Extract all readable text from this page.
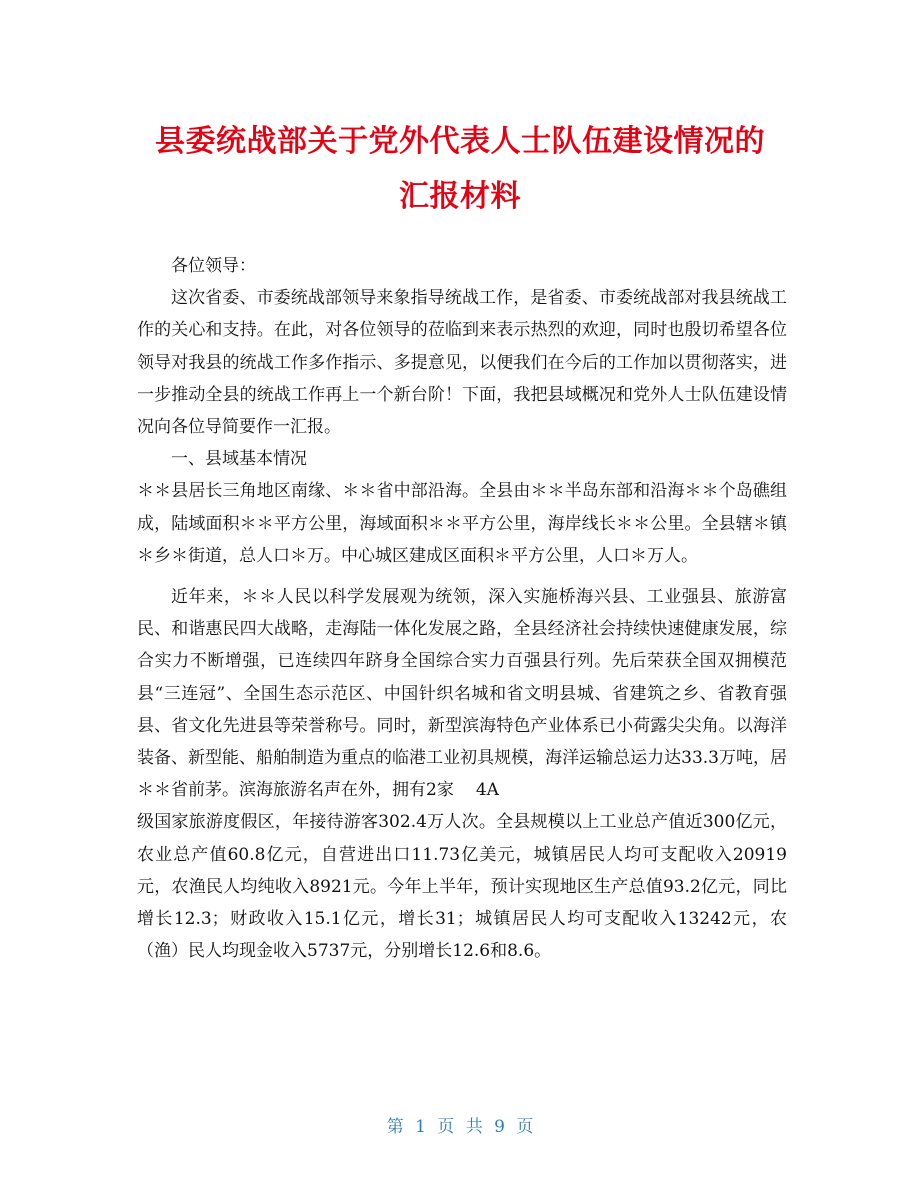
县委统战部关于党外代表人士队伍建设情况的
汇报材料

各位领导：

这次省委、市委统战部领导来象指导统战工作，是省委、市委统战部对我县统战工作的关心和支持。在此，对各位领导的莅临到来表示热烈的欢迎，同时也殷切希望各位领导对我县的统战工作多作指示、多提意见，以便我们在今后的工作加以贯彻落实，进一步推动全县的统战工作再上一个新台阶！下面，我把县域概况和党外人士队伍建设情况向各位导简要作一汇报。

一、县域基本情况

＊＊县居长三角地区南缘、＊＊省中部沿海。全县由＊＊半岛东部和沿海＊＊个岛礁组成，陆域面积＊＊平方公里，海域面积＊＊平方公里，海岸线长＊＊公里。全县辖＊镇＊乡＊街道，总人口＊万。中心城区建成区面积＊平方公里，人口＊万人。

近年来，＊＊人民以科学发展观为统领，深入实施桥海兴县、工业强县、旅游富民、和谐惠民四大战略，走海陆一体化发展之路，全县经济社会持续快速健康发展，综合实力不断增强，已连续四年跻身全国综合实力百强县行列。先后荣获全国双拥模范县“三连冠”、全国生态示范区、中国针织名城和省文明县城、省建筑之乡、省教育强县、省文化先进县等荣誉称号。同时，新型滨海特色产业体系已小荷露尖尖角。以海洋装备、新型能、船舶制造为重点的临港工业初具规模，海洋运输总运力达33.3万吨，居＊＊省前茅。滨海旅游名声在外，拥有2家 4A
级国家旅游度假区，年接待游客302.4万人次。全县规模以上工业总产值近300亿元，农业总产值60.8亿元，自营进出口11.73亿美元，城镇居民人均可支配收入20919元，农渔民人均纯收入8921元。今年上半年，预计实现地区生产总值93.2亿元，同比增长12.3；财政收入15.1亿元，增长31；城镇居民人均可支配收入13242元，农（渔）民人均现金收入5737元，分别增长12.6和8.6。

第 1 页 共 9 页
